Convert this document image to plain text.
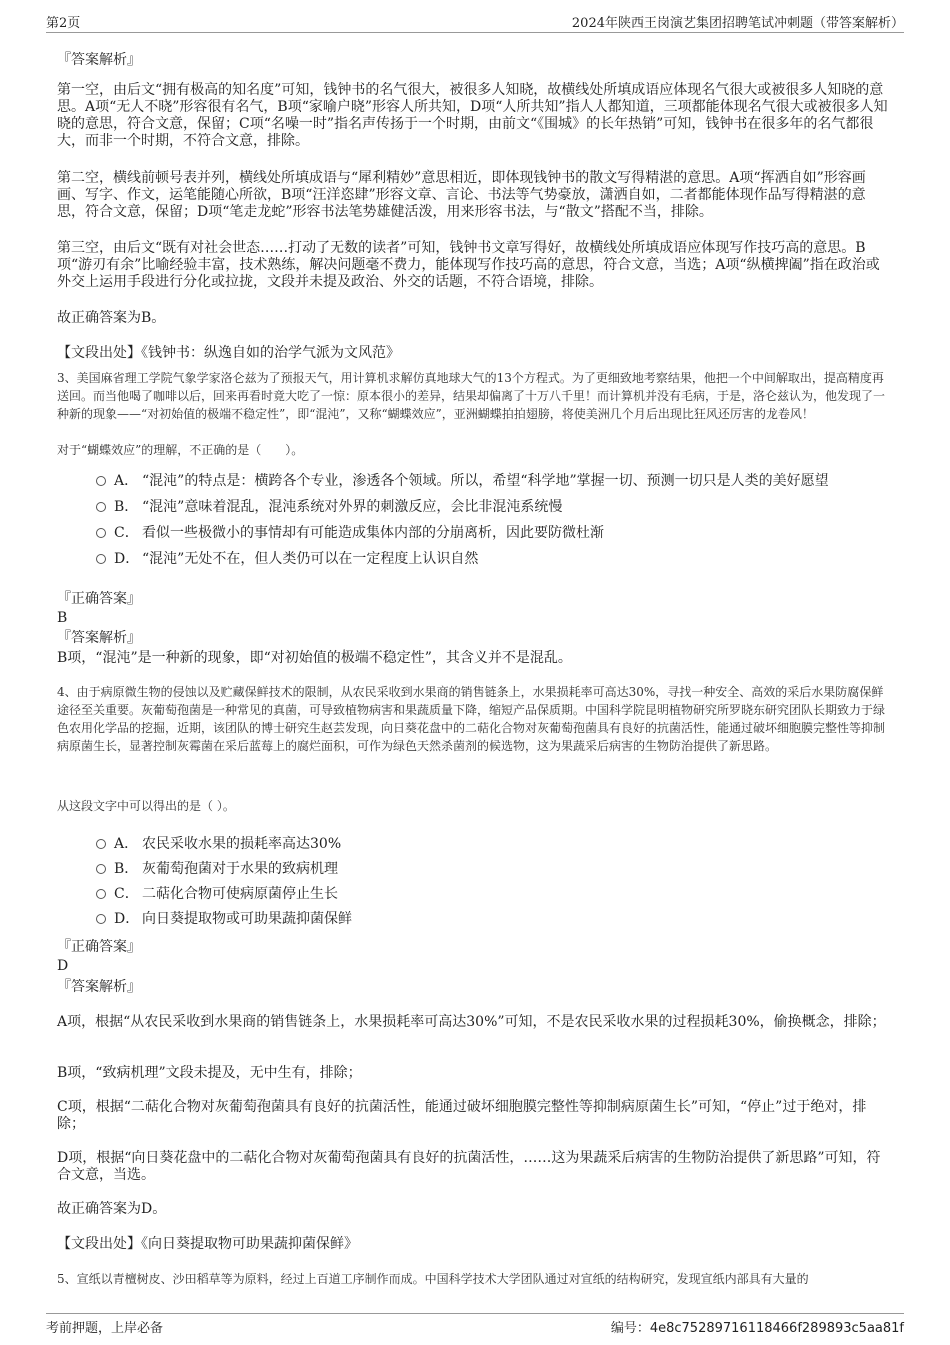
第2页	2024年陕西王岗演艺集团招聘笔试冲刺题（带答案解析）

『答案解析』

第一空，由后文“拥有极高的知名度”可知，钱钟书的名气很大，被很多人知晓，故横线处所填成语应体现名气很大或被很多人知晓的意思。A项“无人不晓”形容很有名气，B项“家喻户晓”形容人所共知，D项“人所共知”指人人都知道，三项都能体现名气很大或被很多人知晓的意思，符合文意，保留；C项“名噪一时”指名声传扬于一个时期，由前文“《围城》的长年热销”可知，钱钟书在很多年的名气都很大，而非一个时期，不符合文意，排除。

第二空，横线前顿号表并列，横线处所填成语与“犀利精妙”意思相近，即体现钱钟书的散文写得精湛的意思。A项“挥洒自如”形容画画、写字、作文，运笔能随心所欲，B项“汪洋恣肆”形容文章、言论、书法等气势豪放，潇洒自如，二者都能体现作品写得精湛的意思，符合文意，保留；D项“笔走龙蛇”形容书法笔势雄健活泼，用来形容书法，与“散文”搭配不当，排除。

第三空，由后文“既有对社会世态……打动了无数的读者”可知，钱钟书文章写得好，故横线处所填成语应体现写作技巧高的意思。B项“游刃有余”比喻经验丰富，技术熟练，解决问题毫不费力，能体现写作技巧高的意思，符合文意，当选；A项“纵横捭阖”指在政治或外交上运用手段进行分化或拉拢，文段并未提及政治、外交的话题，不符合语境，排除。

故正确答案为B。

【文段出处】《钱钟书：纵逸自如的治学气派为文风范》

3、美国麻省理工学院气象学家洛仑兹为了预报天气，用计算机求解仿真地球大气的13个方程式。为了更细致地考察结果，他把一个中间解取出，提高精度再送回。而当他喝了咖啡以后，回来再看时竟大吃了一惊：原本很小的差异，结果却偏离了十万八千里！而计算机并没有毛病，于是，洛仑兹认为，他发现了一种新的现象——“对初始值的极端不稳定性”，即“混沌”，又称“蝴蝶效应”，亚洲蝴蝶拍拍翅膀，将使美洲几个月后出现比狂风还厉害的龙卷风！

对于“蝴蝶效应”的理解，不正确的是（　　）。

A． “混沌”的特点是：横跨各个专业，渗透各个领域。所以，希望“科学地”掌握一切、预测一切只是人类的美好愿望
B． “混沌”意味着混乱，混沌系统对外界的刺激反应，会比非混沌系统慢
C． 看似一些极微小的事情却有可能造成集体内部的分崩离析，因此要防微杜渐
D． “混沌”无处不在，但人类仍可以在一定程度上认识自然

『正确答案』

B

『答案解析』

B项，“混沌”是一种新的现象，即“对初始值的极端不稳定性”，其含义并不是混乱。

4、由于病原微生物的侵蚀以及贮藏保鲜技术的限制，从农民采收到水果商的销售链条上，水果损耗率可高达30%，寻找一种安全、高效的采后水果防腐保鲜途径至关重要。灰葡萄孢菌是一种常见的真菌，可导致植物病害和果蔬质量下降，缩短产品保质期。中国科学院昆明植物研究所罗晓东研究团队长期致力于绿色农用化学品的挖掘，近期，该团队的博士研究生赵芸发现，向日葵花盘中的二萜化合物对灰葡萄孢菌具有良好的抗菌活性，能通过破坏细胞膜完整性等抑制病原菌生长，显著控制灰霉菌在采后蓝莓上的腐烂面积，可作为绿色天然杀菌剂的候选物，这为果蔬采后病害的生物防治提供了新思路。

从这段文字中可以得出的是（ ）。

A． 农民采收水果的损耗率高达30%
B． 灰葡萄孢菌对于水果的致病机理
C． 二萜化合物可使病原菌停止生长
D． 向日葵提取物或可助果蔬抑菌保鲜

『正确答案』

D

『答案解析』

A项，根据“从农民采收到水果商的销售链条上，水果损耗率可高达30%”可知，不是农民采收水果的过程损耗30%，偷换概念，排除；

B项，“致病机理”文段未提及，无中生有，排除；

C项，根据“二萜化合物对灰葡萄孢菌具有良好的抗菌活性，能通过破坏细胞膜完整性等抑制病原菌生长”可知，“停止”过于绝对，排除；

D项，根据“向日葵花盘中的二萜化合物对灰葡萄孢菌具有良好的抗菌活性，……这为果蔬采后病害的生物防治提供了新思路”可知，符合文意，当选。

故正确答案为D。

【文段出处】《向日葵提取物可助果蔬抑菌保鲜》

5、宣纸以青檀树皮、沙田稻草等为原料，经过上百道工序制作而成。中国科学技术大学团队通过对宣纸的结构研究，发现宣纸内部具有大量的

考前押题，上岸必备	编号：4e8c75289716118466f289893c5aa81f
